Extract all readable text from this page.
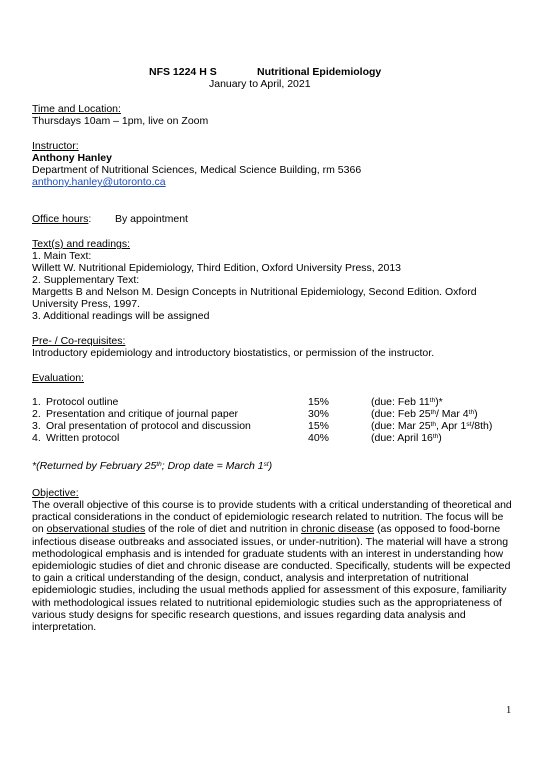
NFS 1224 H S	Nutritional Epidemiology
January to April, 2021
Time and Location:
Thursdays 10am – 1pm, live on Zoom
Instructor:
Anthony Hanley
Department of Nutritional Sciences, Medical Science Building, rm 5366
anthony.hanley@utoronto.ca
Office hours: By appointment
Text(s) and readings:
1. Main Text:
Willett W. Nutritional Epidemiology, Third Edition, Oxford University Press, 2013
2. Supplementary Text:
Margetts B and Nelson M. Design Concepts in Nutritional Epidemiology, Second Edition. Oxford
University Press, 1997.
3. Additional readings will be assigned
Pre- / Co-requisites:
Introductory epidemiology and introductory biostatistics, or permission of the instructor.
Evaluation:
1. Protocol outline	15%	(due: Feb 11th)*
2. Presentation and critique of journal paper	30%	(due: Feb 25th/ Mar 4th)
3. Oral presentation of protocol and discussion	15%	(due: Mar 25th, Apr 1st/8th)
4. Written protocol	40%	(due: April 16th)
*(Returned by February 25th; Drop date = March 1st)
Objective:
The overall objective of this course is to provide students with a critical understanding of theoretical and practical considerations in the conduct of epidemiologic research related to nutrition. The focus will be on observational studies of the role of diet and nutrition in chronic disease (as opposed to food-borne infectious disease outbreaks and associated issues, or under-nutrition). The material will have a strong methodological emphasis and is intended for graduate students with an interest in understanding how epidemiologic studies of diet and chronic disease are conducted. Specifically, students will be expected to gain a critical understanding of the design, conduct, analysis and interpretation of nutritional epidemiologic studies, including the usual methods applied for assessment of this exposure, familiarity with methodological issues related to nutritional epidemiologic studies such as the appropriateness of various study designs for specific research questions, and issues regarding data analysis and interpretation.
1
